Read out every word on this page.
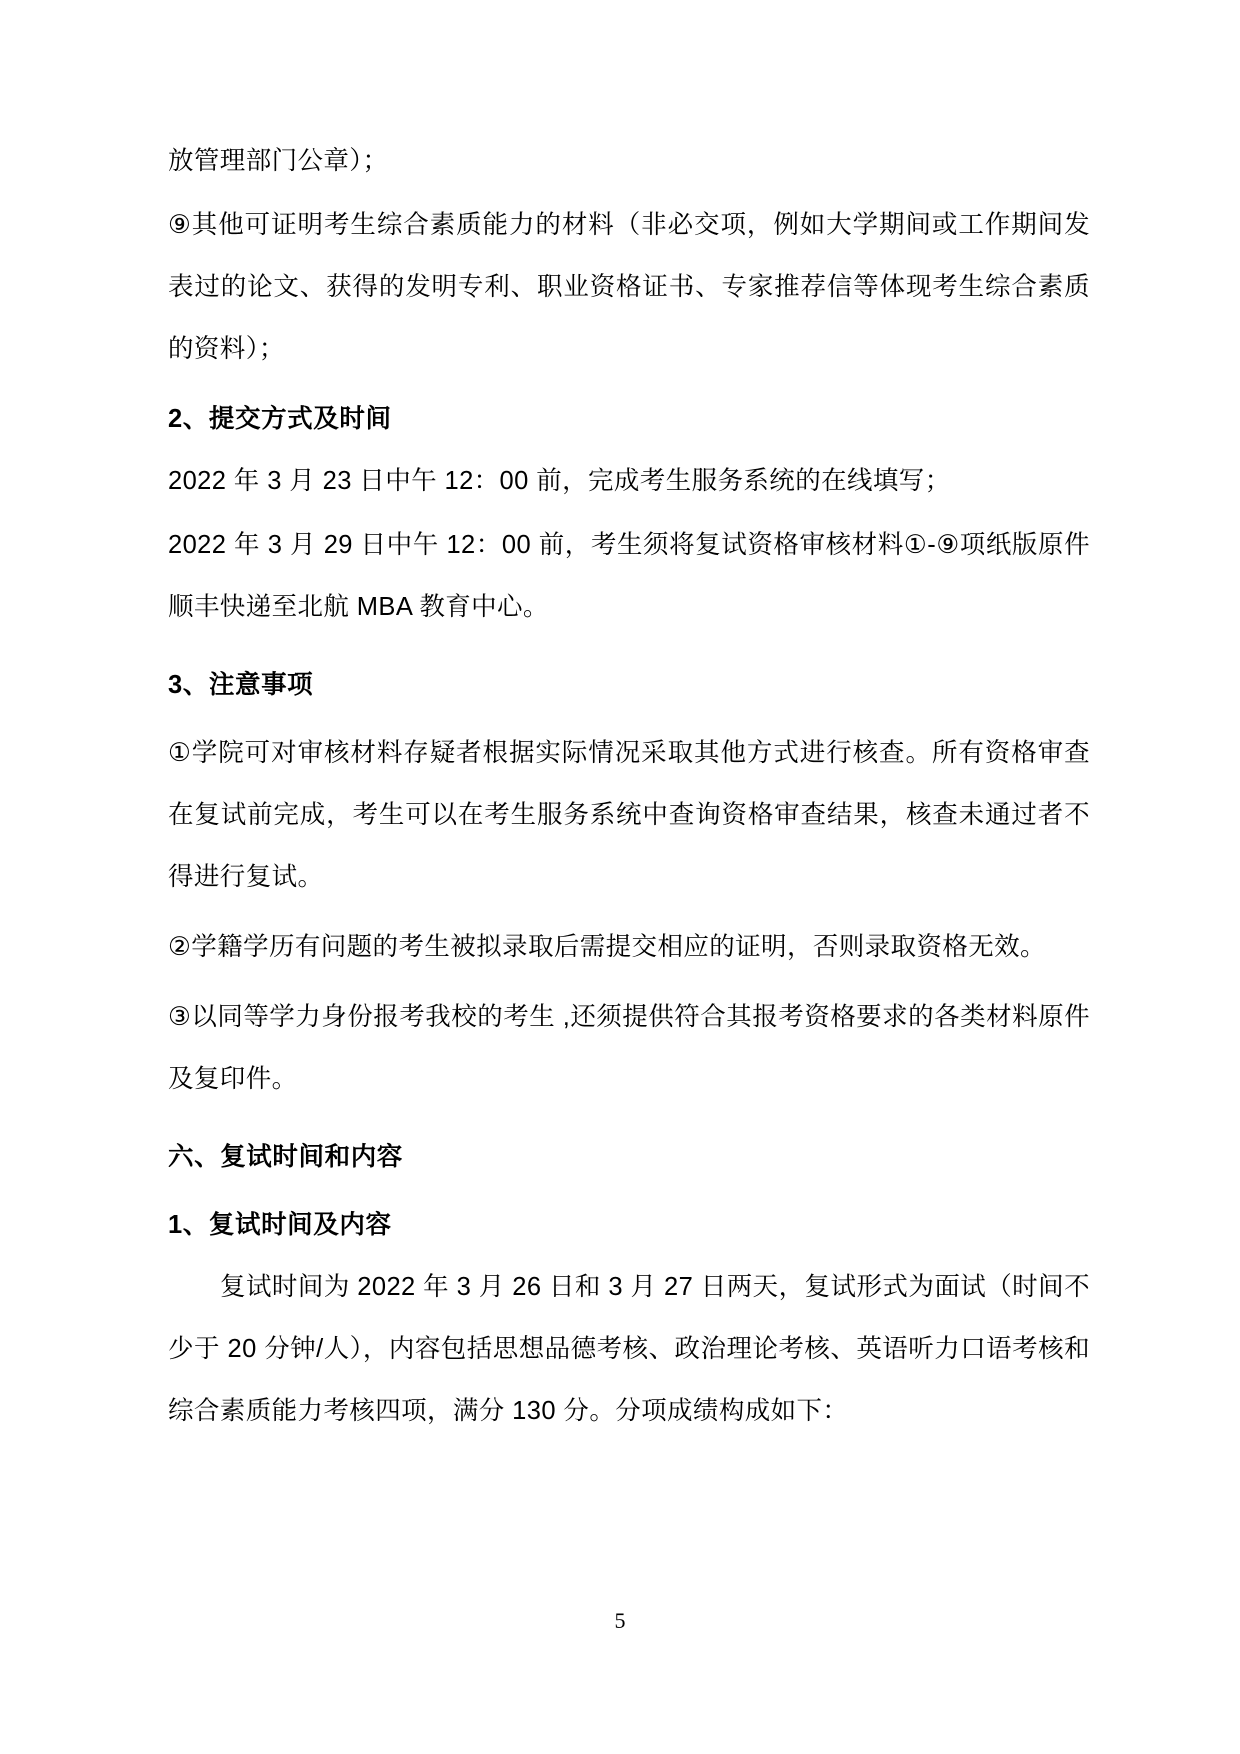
放管理部门公章）；

⑨其他可证明考生综合素质能力的材料（非必交项，例如大学期间或工作期间发表过的论文、获得的发明专利、职业资格证书、专家推荐信等体现考生综合素质的资料）；

2、提交方式及时间

2022 年 3 月 23 日中午 12：00 前，完成考生服务系统的在线填写；

2022 年 3 月 29 日中午 12：00 前，考生须将复试资格审核材料①-⑨项纸版原件顺丰快递至北航 MBA 教育中心。

3、注意事项

①学院可对审核材料存疑者根据实际情况采取其他方式进行核查。所有资格审查在复试前完成，考生可以在考生服务系统中查询资格审查结果，核查未通过者不得进行复试。

②学籍学历有问题的考生被拟录取后需提交相应的证明，否则录取资格无效。

③以同等学力身份报考我校的考生 ,还须提供符合其报考资格要求的各类材料原件及复印件。

六、复试时间和内容

1、复试时间及内容

复试时间为 2022 年 3 月 26 日和 3 月 27 日两天，复试形式为面试（时间不少于 20 分钟/人），内容包括思想品德考核、政治理论考核、英语听力口语考核和综合素质能力考核四项，满分 130 分。分项成绩构成如下：

5
